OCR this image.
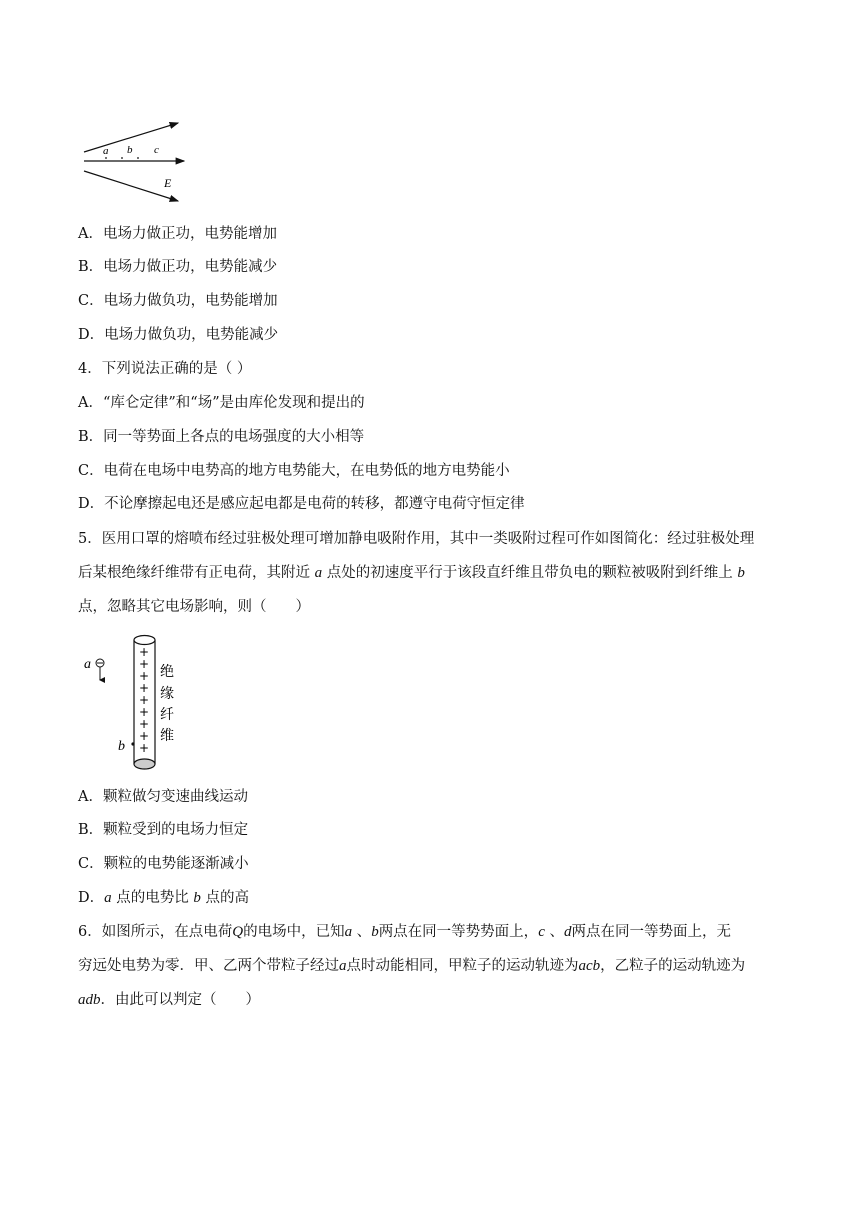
a b c
E
A．电场力做正功，电势能增加
B．电场力做正功，电势能减少
C．电场力做负功，电势能增加
D．电场力做负功，电势能减少
4．下列说法正确的是（ ）
A．“库仑定律”和“场”是由库伦发现和提出的
B．同一等势面上各点的电场强度的大小相等
C．电荷在电场中电势高的地方电势能大，在电势低的地方电势能小
D．不论摩擦起电还是感应起电都是电荷的转移，都遵守电荷守恒定律
5．医用口罩的熔喷布经过驻极处理可增加静电吸附作用，其中一类吸附过程可作如图简化：经过驻极处理
后某根绝缘纤维带有正电荷，其附近 a 点处的初速度平行于该段直纤维且带负电的颗粒被吸附到纤维上 b
点，忽略其它电场影响，则（　　）
a
+
+
+
+
+
+
+
+
+
b
绝
缘
纤
维
A．颗粒做匀变速曲线运动
B．颗粒受到的电场力恒定
C．颗粒的电势能逐渐减小
D．a 点的电势比 b 点的高
6．如图所示，在点电荷Q的电场中，已知a 、b两点在同一等势势面上，c 、d两点在同一等势面上，无
穷远处电势为零．甲、乙两个带粒子经过a点时动能相同，甲粒子的运动轨迹为acb，乙粒子的运动轨迹为
adb．由此可以判定（　　）
